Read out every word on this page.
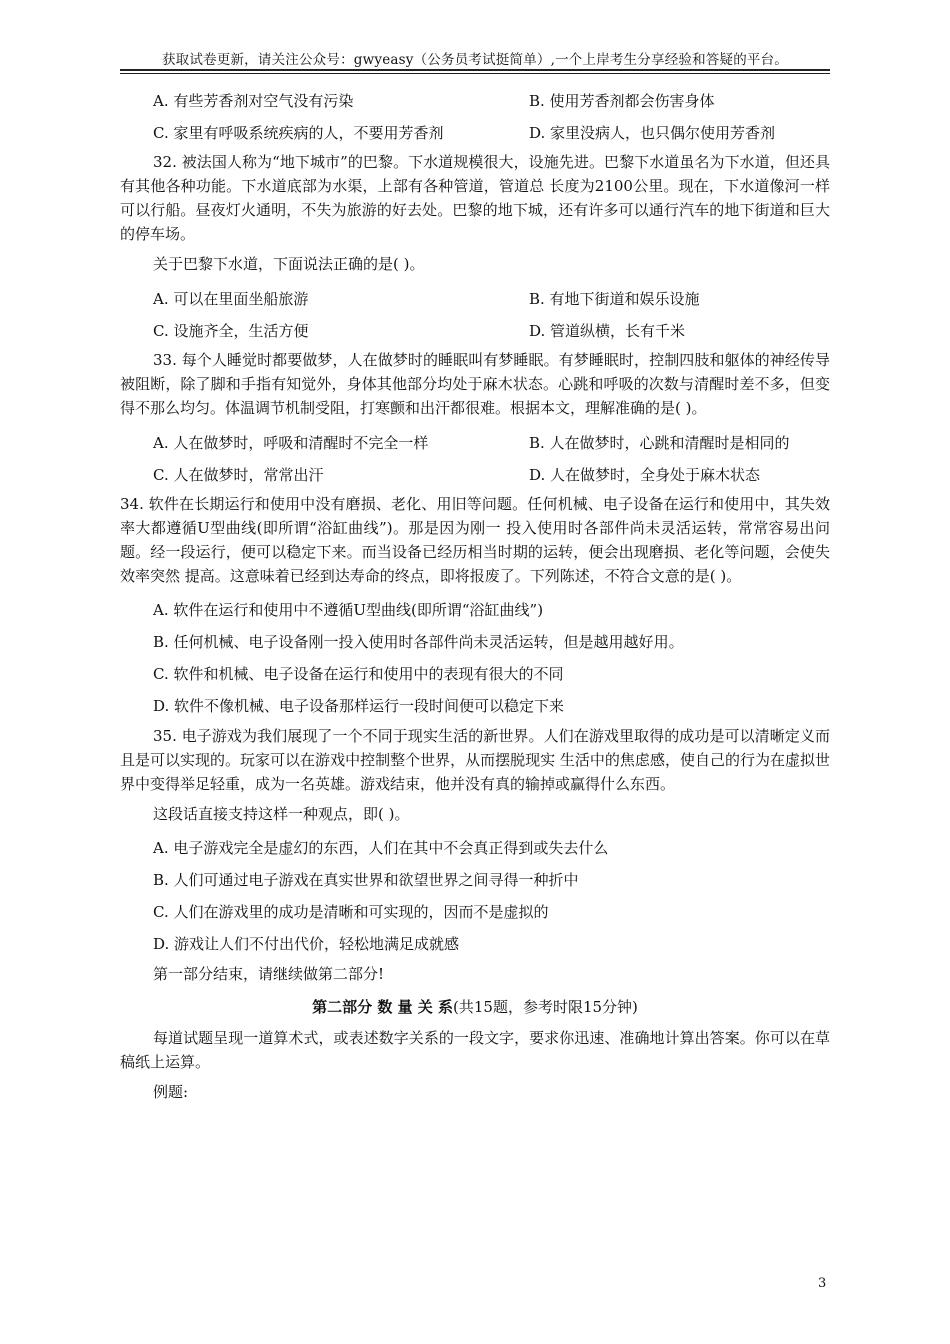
获取试卷更新，请关注公众号：gwyeasy（公务员考试挺简单）,一个上岸考生分享经验和答疑的平台。
A. 有些芳香剂对空气没有污染	B. 使用芳香剂都会伤害身体
C. 家里有呼吸系统疾病的人，不要用芳香剂	D. 家里没病人，也只偶尔使用芳香剂

32. 被法国人称为“地下城市”的巴黎。下水道规模很大，设施先进。巴黎下水道虽名为下水道，但还具有其他各种功能。下水道底部为水渠，上部有各种管道，管道总 长度为2100公里。现在，下水道像河一样可以行船。昼夜灯火通明，不失为旅游的好去处。巴黎的地下城，还有许多可以通行汽车的地下街道和巨大的停车场。

关于巴黎下水道，下面说法正确的是( )。

A. 可以在里面坐船旅游	B. 有地下街道和娱乐设施
C. 设施齐全，生活方便	D. 管道纵横，长有千米

33. 每个人睡觉时都要做梦，人在做梦时的睡眠叫有梦睡眠。有梦睡眠时，控制四肢和躯体的神经传导被阻断，除了脚和手指有知觉外，身体其他部分均处于麻木状态。心跳和呼吸的次数与清醒时差不多，但变得不那么均匀。体温调节机制受阻，打寒颤和出汗都很难。根据本文，理解准确的是( )。

A. 人在做梦时，呼吸和清醒时不完全一样	B. 人在做梦时，心跳和清醒时是相同的
C. 人在做梦时，常常出汗	D. 人在做梦时，全身处于麻木状态

34. 软件在长期运行和使用中没有磨损、老化、用旧等问题。任何机械、电子设备在运行和使用中，其失效率大都遵循U型曲线(即所谓“浴缸曲线”)。那是因为刚一 投入使用时各部件尚未灵活运转，常常容易出问题。经一段运行，便可以稳定下来。而当设备已经历相当时期的运转，便会出现磨损、老化等问题，会使失效率突然 提高。这意味着已经到达寿命的终点，即将报废了。下列陈述，不符合文意的是( )。

A. 软件在运行和使用中不遵循U型曲线(即所谓“浴缸曲线”)
B. 任何机械、电子设备刚一投入使用时各部件尚未灵活运转，但是越用越好用。
C. 软件和机械、电子设备在运行和使用中的表现有很大的不同
D. 软件不像机械、电子设备那样运行一段时间便可以稳定下来

35. 电子游戏为我们展现了一个不同于现实生活的新世界。人们在游戏里取得的成功是可以清晰定义而且是可以实现的。玩家可以在游戏中控制整个世界，从而摆脱现实 生活中的焦虑感，使自己的行为在虚拟世界中变得举足轻重，成为一名英雄。游戏结束，他并没有真的输掉或赢得什么东西。

这段话直接支持这样一种观点，即( )。

A. 电子游戏完全是虚幻的东西，人们在其中不会真正得到或失去什么
B. 人们可通过电子游戏在真实世界和欲望世界之间寻得一种折中
C. 人们在游戏里的成功是清晰和可实现的，因而不是虚拟的
D. 游戏让人们不付出代价，轻松地满足成就感

第一部分结束，请继续做第二部分!

第二部分 数 量 关 系(共15题，参考时限15分钟)

每道试题呈现一道算术式，或表述数字关系的一段文字，要求你迅速、准确地计算出答案。你可以在草稿纸上运算。

例题:

3
